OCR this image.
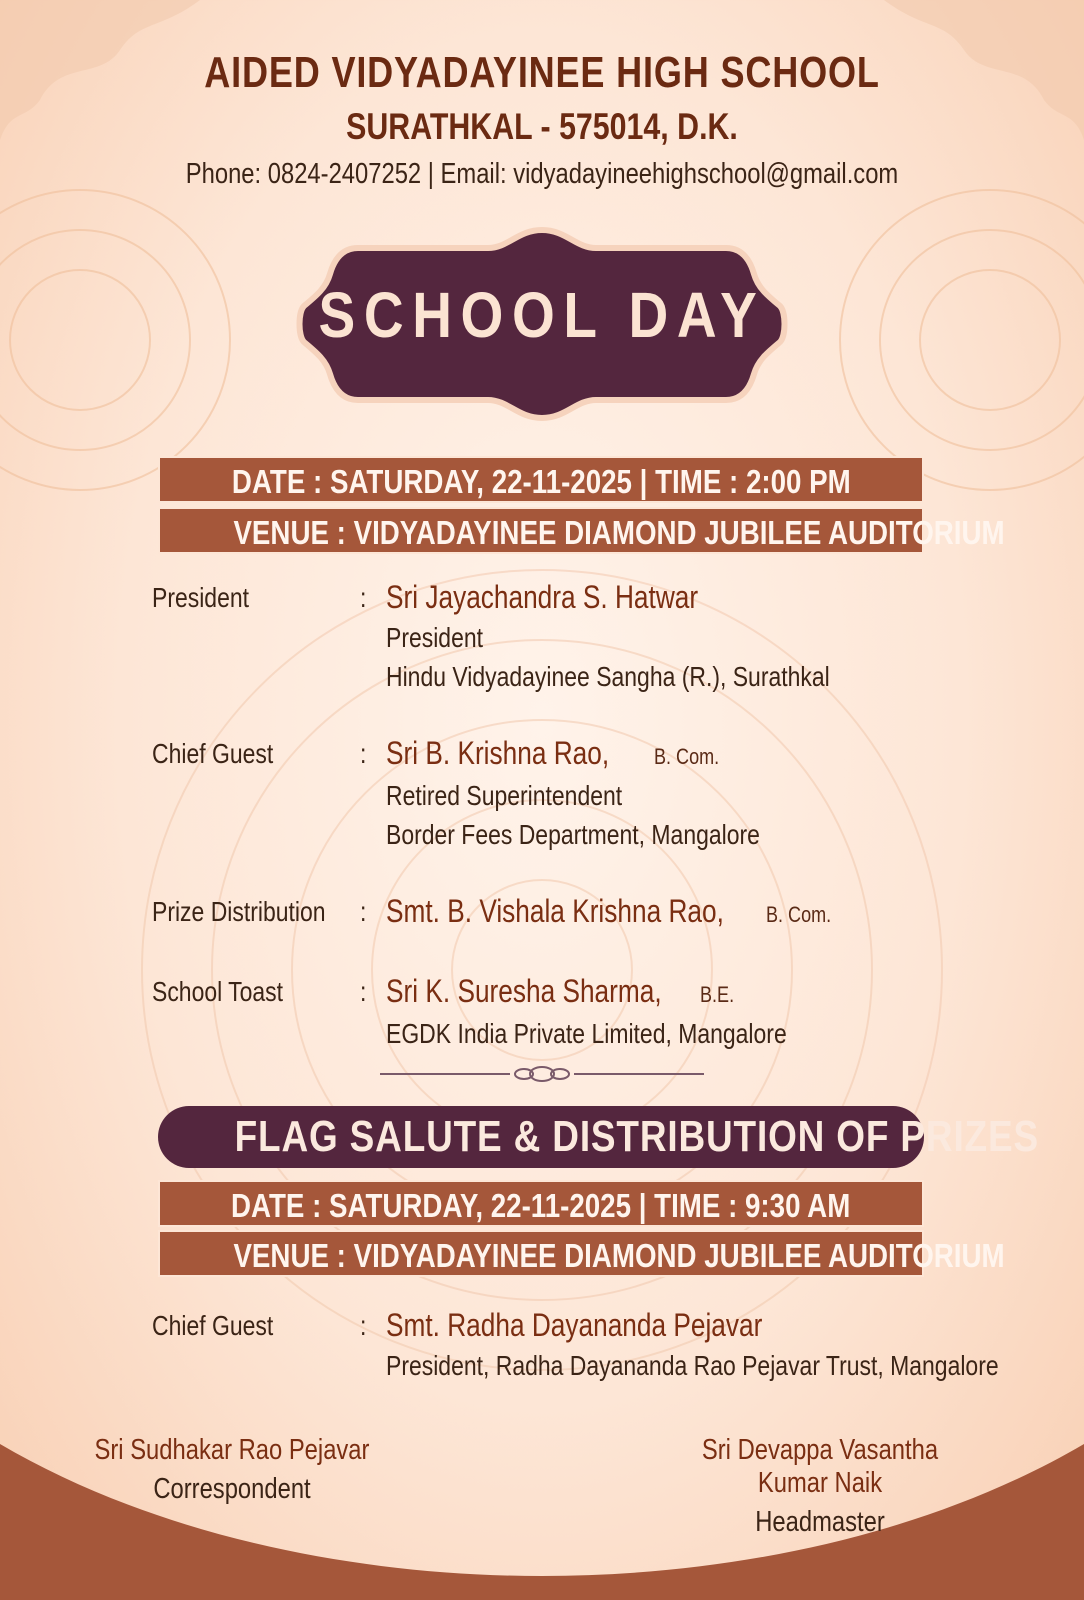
AIDED VIDYADAYINEE HIGH SCHOOL
SURATHKAL - 575014, D.K.
Phone: 0824-2407252 | Email: vidyadayineehighschool@gmail.com
SCHOOL DAY
DATE : SATURDAY, 22-11-2025 | TIME : 2:00 PM
VENUE : VIDYADAYINEE DIAMOND JUBILEE AUDITORIUM
President	: Sri Jayachandra S. Hatwar
President
Hindu Vidyadayinee Sangha (R.), Surathkal
Chief Guest	: Sri B. Krishna Rao, B. Com.
Retired Superintendent
Border Fees Department, Mangalore
Prize Distribution	: Smt. B. Vishala Krishna Rao, B. Com.
School Toast	: Sri K. Suresha Sharma, B.E.
EGDK India Private Limited, Mangalore
FLAG SALUTE & DISTRIBUTION OF PRIZES
DATE : SATURDAY, 22-11-2025 | TIME : 9:30 AM
VENUE : VIDYADAYINEE DIAMOND JUBILEE AUDITORIUM
Chief Guest	: Smt. Radha Dayananda Pejavar
President, Radha Dayananda Rao Pejavar Trust, Mangalore
Sri Sudhakar Rao Pejavar
Correspondent
Sri Devappa Vasantha Kumar Naik
Headmaster
